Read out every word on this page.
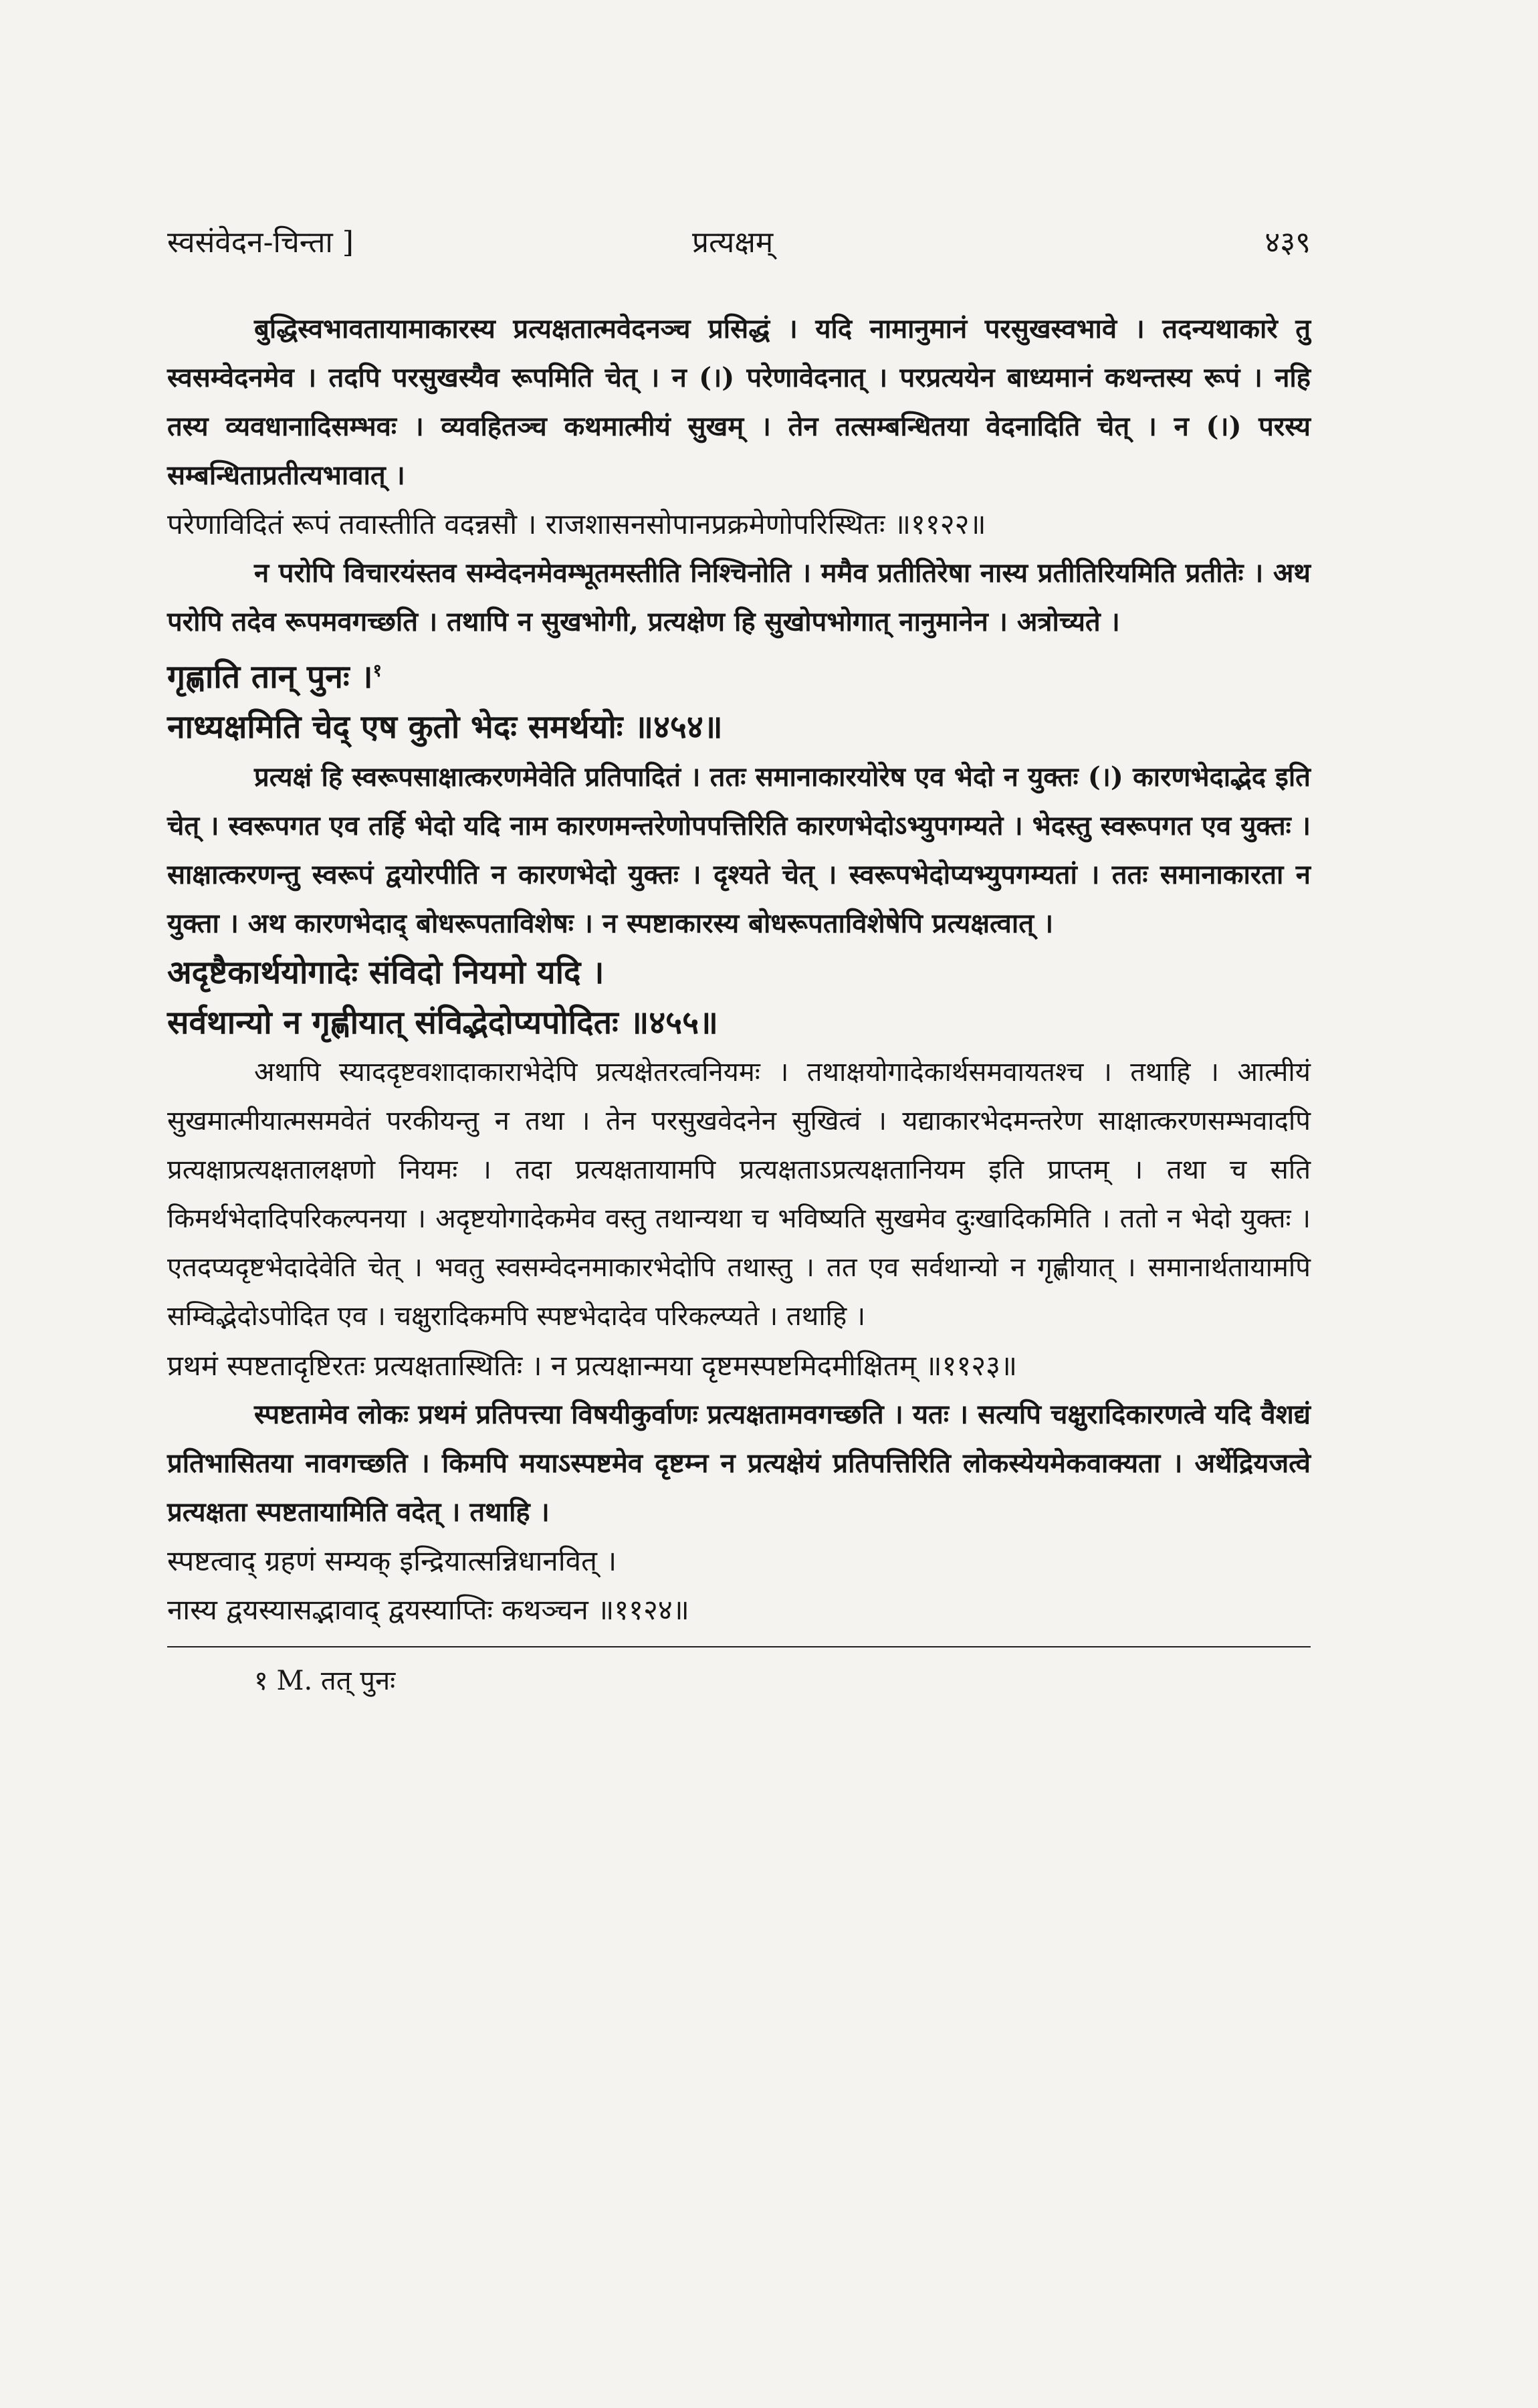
स्वसंवेदन-चिन्ता ]	प्रत्यक्षम्	४३९

बुद्धिस्वभावतायामाकारस्य प्रत्यक्षतात्मवेदनञ्च प्रसिद्धं । यदि नामानुमानं परसुखस्वभावे । तदन्यथाकारे तु स्वसम्वेदनमेव । तदपि परसुखस्यैव रूपमिति चेत् । न (।) परेणावेदनात् । परप्रत्ययेन बाध्यमानं कथन्तस्य रूपं । नहि तस्य व्यवधानादिसम्भवः । व्यवहितञ्च कथमात्मीयं सुखम् । तेन तत्सम्बन्धितया वेदनादिति चेत् । न (।) परस्य सम्बन्धिताप्रतीत्यभावात् ।

परेणाविदितं रूपं तवास्तीति वदन्नसौ । राजशासनसोपानप्रक्रमेणोपरिस्थितः ॥११२२॥

न परोपि विचारयंस्तव सम्वेदनमेवम्भूतमस्तीति निश्चिनोति । ममैव प्रतीतिरेषा नास्य प्रतीतिरियमिति प्रतीतेः । अथ परोपि तदेव रूपमवगच्छति । तथापि न सुखभोगी, प्रत्यक्षेण हि सुखोपभोगात् नानुमानेन । अत्रोच्यते ।

गृह्णाति तान् पुनः ।$^१$

नाध्यक्षमिति चेद् एष कुतो भेदः समर्थयोः ॥४५४॥

प्रत्यक्षं हि स्वरूपसाक्षात्करणमेवेति प्रतिपादितं । ततः समानाकारयोरेष एव भेदो न युक्तः (।) कारणभेदाद्भेद इति चेत् । स्वरूपगत एव तर्हि भेदो यदि नाम कारणमन्तरेणोपपत्तिरिति कारणभेदोऽभ्युपगम्यते । भेदस्तु स्वरूपगत एव युक्तः । साक्षात्करणन्तु स्वरूपं द्वयोरपीति न कारणभेदो युक्तः । दृश्यते चेत् । स्वरूपभेदोप्यभ्युपगम्यतां । ततः समानाकारता न युक्ता । अथ कारणभेदाद् बोधरूपताविशेषः । न स्पष्टाकारस्य बोधरूपताविशेषेपि प्रत्यक्षत्वात् ।

अदृष्टैकार्थयोगादेः संविदो नियमो यदि ।

सर्वथान्यो न गृह्णीयात् संविद्भेदोप्यपोदितः ॥४५५॥

अथापि स्याददृष्टवशादाकाराभेदेपि प्रत्यक्षेतरत्वनियमः । तथाक्षयोगादेकार्थसमवायतश्च । तथाहि । आत्मीयं सुखमात्मीयात्मसमवेतं परकीयन्तु न तथा । तेन परसुखवेदनेन सुखित्वं । यद्याकारभेदमन्तरेण साक्षात्करणसम्भवादपि प्रत्यक्षाप्रत्यक्षतालक्षणो नियमः । तदा प्रत्यक्षतायामपि प्रत्यक्षताऽप्रत्यक्षतानियम इति प्राप्तम् । तथा च सति किमर्थभेदादिपरिकल्पनया । अदृष्टयोगादेकमेव वस्तु तथान्यथा च भविष्यति सुखमेव दुःखादिकमिति । ततो न भेदो युक्तः । एतदप्यदृष्टभेदादेवेति चेत् । भवतु स्वसम्वेदनमाकारभेदोपि तथास्तु । तत एव सर्वथान्यो न गृह्णीयात् । समानार्थतायामपि सम्विद्भेदोऽपोदित एव । चक्षुरादिकमपि स्पष्टभेदादेव परिकल्प्यते । तथाहि ।

प्रथमं स्पष्टतादृष्टिरतः प्रत्यक्षतास्थितिः । न प्रत्यक्षान्मया दृष्टमस्पष्टमिदमीक्षितम् ॥११२३॥

स्पष्टतामेव लोकः प्रथमं प्रतिपत्त्या विषयीकुर्वाणः प्रत्यक्षतामवगच्छति । यतः । सत्यपि चक्षुरादिकारणत्वे यदि वैशद्यं प्रतिभासितया नावगच्छति । किमपि मयाऽस्पष्टमेव दृष्टम्न न प्रत्यक्षेयं प्रतिपत्तिरिति लोकस्येयमेकवाक्यता । अर्थेद्रियजत्वे प्रत्यक्षता स्पष्टतायामिति वदेत् । तथाहि ।

स्पष्टत्वाद् ग्रहणं सम्यक् इन्द्रियात्सन्निधानवित् ।

नास्य द्वयस्यासद्भावाद् द्वयस्याप्तिः कथञ्चन ॥११२४॥

१ M. तत् पुनः
